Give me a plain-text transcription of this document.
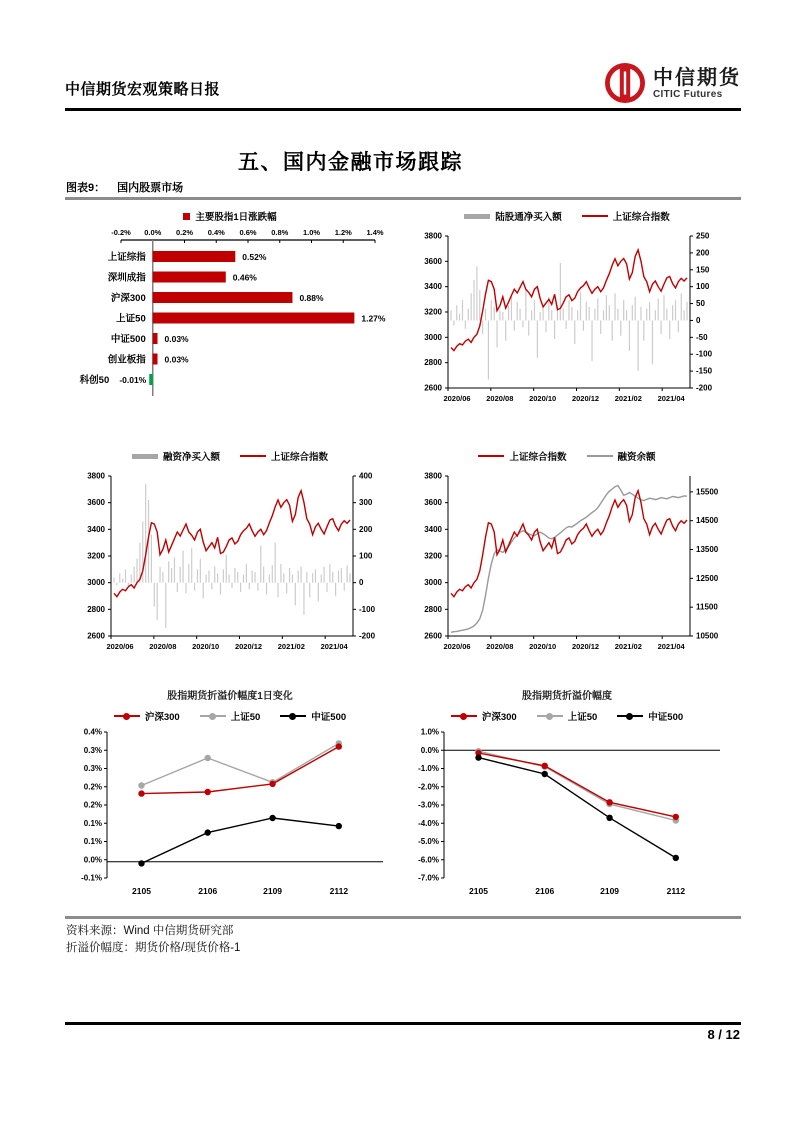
中信期货宏观策略日报
中信期货
CITIC Futures
五、国内金融市场跟踪
图表9： 国内股票市场
主要股指1日涨跌幅
-0.2% 0.0% 0.2% 0.4% 0.6% 0.8% 1.0% 1.2% 1.4%
0.52%
上证综指
0.46%
深圳成指
0.88%
沪深300
1.27%
上证50
0.03%
中证500
0.03%
创业板指
-0.01%
科创50
陆股通净买入额	上证综合指数
3800
3600
3400
3200
3000
2800
2600
250
200
150
100
50
0
-50
-100
-150
-200
2020/06 2020/08 2020/10 2020/12 2021/02 2021/04
融资净买入额	上证综合指数
3800
3600
3400
3200
3000
2800
2600
400
300
200
100
0
-100
-200
2020/06 2020/08 2020/10 2020/12 2021/02 2021/04
上证综合指数	融资余额
3800
3600
3400
3200
3000
2800
2600
15500
14500
13500
12500
11500
10500
2020/06 2020/08 2020/10 2020/12 2021/02 2021/04
股指期货折溢价幅度1日变化
沪深300	上证50	中证500
0.4%
0.3%
0.3%
0.2%
0.2%
0.1%
0.1%
0.0%
-0.1%
2105	2106	2109	2112
股指期货折溢价幅度
沪深300	上证50	中证500
1.0%
0.0%
-1.0%
-2.0%
-3.0%
-4.0%
-5.0%
-6.0%
-7.0%
2105	2106	2109	2112
资料来源：Wind 中信期货研究部
折溢价幅度：期货价格/现货价格-1
8 / 12
